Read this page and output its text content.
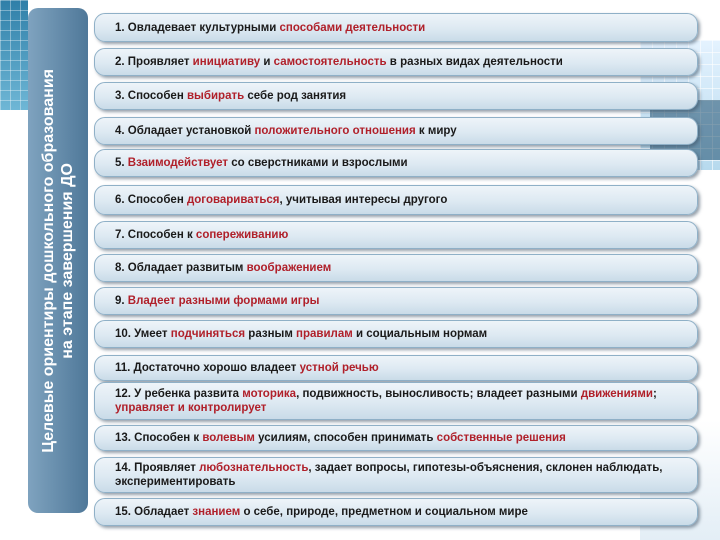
Целевые ориентиры дошкольного образования на этапе завершения ДО
1. Овладевает культурными способами деятельности
2. Проявляет инициативу и самостоятельность в разных видах деятельности
3. Способен выбирать себе род занятия
4. Обладает установкой положительного отношения к миру
5. Взаимодействует со сверстниками и взрослыми
6. Способен договариваться, учитывая интересы другого
7. Способен к сопереживанию
8. Обладает развитым воображением
9. Владеет разными формами игры
10. Умеет подчиняться разным правилам и социальным нормам
11. Достаточно хорошо владеет устной речью
12. У ребенка развита моторика, подвижность, выносливость; владеет разными движениями; управляет и контролирует
13. Способен к волевым усилиям, способен принимать собственные решения
14. Проявляет любознательность, задает вопросы, гипотезы-объяснения, склонен наблюдать, экспериментировать
15. Обладает знанием о себе, природе, предметном и социальном мире
